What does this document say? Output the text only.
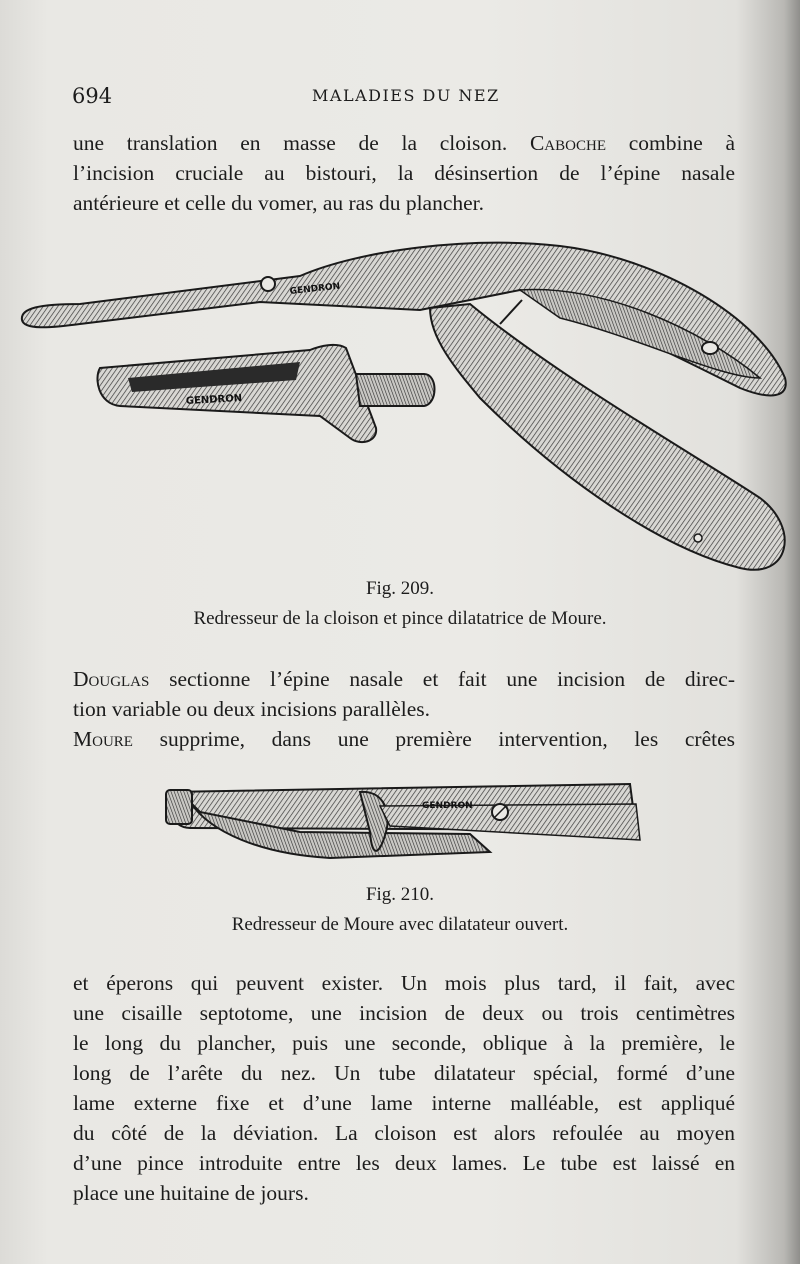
694	MALADIES DU NEZ
une translation en masse de la cloison. Caboche combine à
l’incision cruciale au bistouri, la désinsertion de l’épine nasale
antérieure et celle du vomer, au ras du plancher.
GENDRON
GENDRON
Fig. 209.
Redresseur de la cloison et pince dilatatrice de Moure.
Douglas sectionne l’épine nasale et fait une incision de direc-
tion variable ou deux incisions parallèles.
Moure supprime, dans une première intervention, les crêtes
GENDRON
Fig. 210.
Redresseur de Moure avec dilatateur ouvert.
et éperons qui peuvent exister. Un mois plus tard, il fait, avec
une cisaille septotome, une incision de deux ou trois centimètres
le long du plancher, puis une seconde, oblique à la première, le
long de l’arête du nez. Un tube dilatateur spécial, formé d’une
lame externe fixe et d’une lame interne malléable, est appliqué
du côté de la déviation. La cloison est alors refoulée au moyen
d’une pince introduite entre les deux lames. Le tube est laissé en
place une huitaine de jours.
